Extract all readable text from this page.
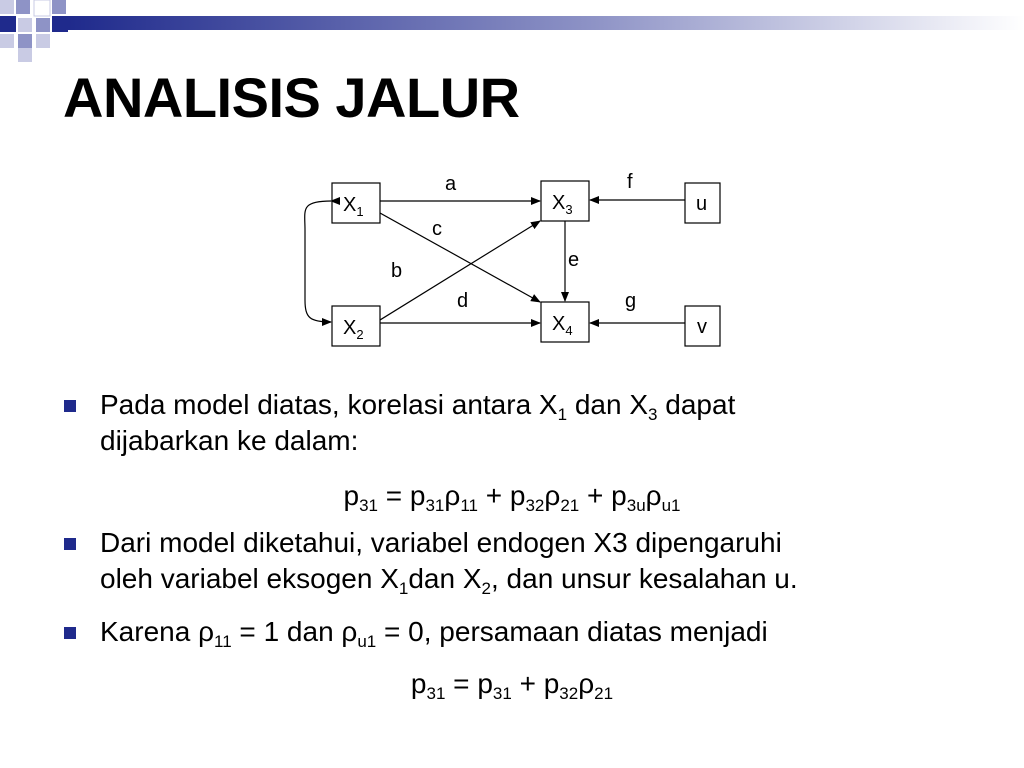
ANALISIS JALUR
$X_1$
$X_2$
$X_3$
$X_4$
u
v
a	f
c
e
b
d	g

Pada model diatas, korelasi antara $X_1$ dan $X_3$ dapat
dijabarkan ke dalam:

$p_{31} = p_{31}\rho_{11} + p_{32}\rho_{21} + p_{3u}\rho_{u1}$

Dari model diketahui, variabel endogen X3 dipengaruhi
oleh variabel eksogen $X_1dan$ $X_2$, dan unsur kesalahan u.

Karena $\rho_{11} = 1$ dan $\rho_{u1} = 0$, persamaan diatas menjadi

$p_{31} = p_{31} + p_{32}\rho_{21}$
